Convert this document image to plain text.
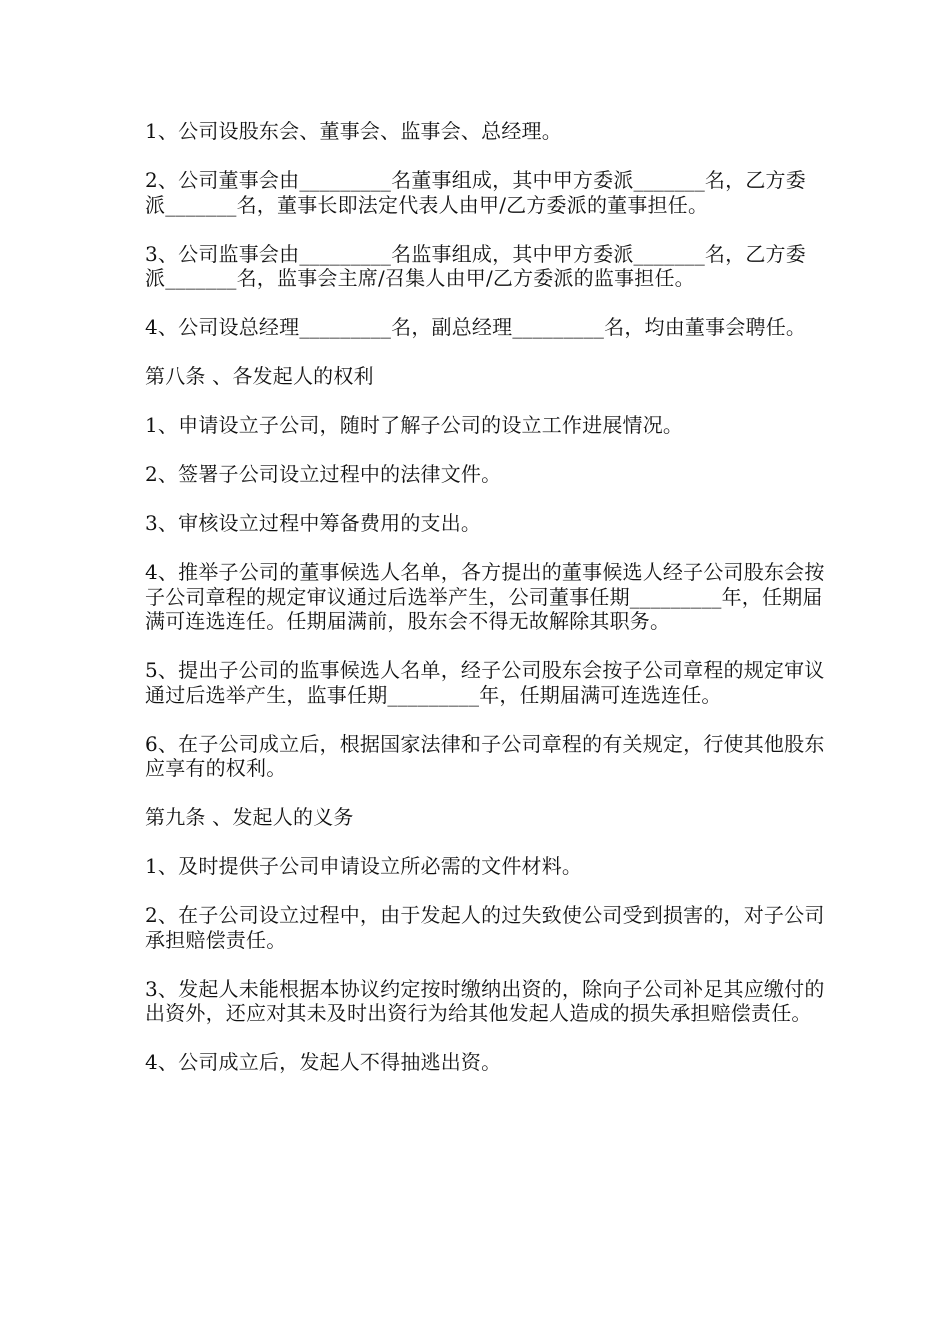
1、公司设股东会、董事会、监事会、总经理。

2、公司董事会由_________名董事组成，其中甲方委派_______名，乙方委派_______名，董事长即法定代表人由甲/乙方委派的董事担任。

3、公司监事会由_________名监事组成，其中甲方委派_______名，乙方委派_______名，监事会主席/召集人由甲/乙方委派的监事担任。

4、公司设总经理_________名，副总经理_________名，均由董事会聘任。

第八条 、各发起人的权利

1、申请设立子公司，随时了解子公司的设立工作进展情况。

2、签署子公司设立过程中的法律文件。

3、审核设立过程中筹备费用的支出。

4、推举子公司的董事候选人名单，各方提出的董事候选人经子公司股东会按子公司章程的规定审议通过后选举产生，公司董事任期_________年，任期届满可连选连任。任期届满前，股东会不得无故解除其职务。

5、提出子公司的监事候选人名单，经子公司股东会按子公司章程的规定审议通过后选举产生，监事任期_________年，任期届满可连选连任。

6、在子公司成立后，根据国家法律和子公司章程的有关规定，行使其他股东应享有的权利。

第九条 、发起人的义务

1、及时提供子公司申请设立所必需的文件材料。

2、在子公司设立过程中，由于发起人的过失致使公司受到损害的，对子公司承担赔偿责任。

3、发起人未能根据本协议约定按时缴纳出资的，除向子公司补足其应缴付的出资外，还应对其未及时出资行为给其他发起人造成的损失承担赔偿责任。

4、公司成立后，发起人不得抽逃出资。
